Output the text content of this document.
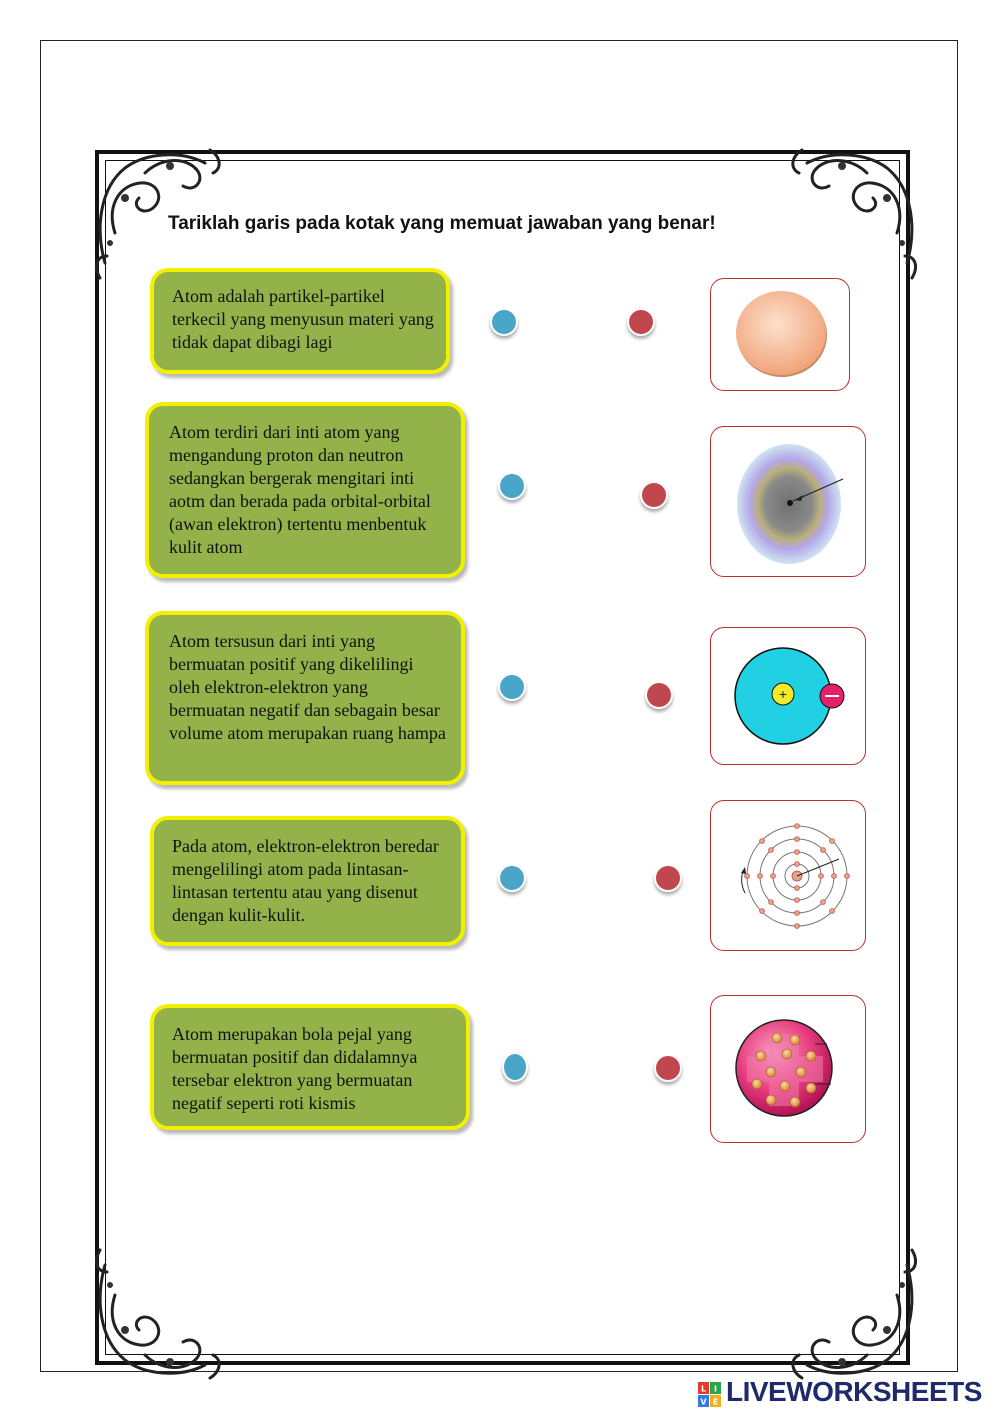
Tariklah garis pada kotak yang memuat jawaban yang benar!

Atom adalah partikel-partikel terkecil yang menyusun materi yang tidak dapat dibagi lagi

Atom terdiri dari inti atom yang mengandung proton dan neutron sedangkan bergerak mengitari inti aotm dan berada pada orbital-orbital (awan elektron) tertentu menbentuk kulit atom

Atom tersusun dari inti yang bermuatan positif yang dikelilingi oleh elektron-elektron yang bermuatan negatif dan sebagain besar volume atom merupakan ruang hampa

Pada atom, elektron-elektron beredar mengelilingi atom pada lintasan-lintasan tertentu atau yang disenut dengan kulit-kulit.

Atom merupakan bola pejal yang bermuatan positif dan didalamnya tersebar elektron yang bermuatan negatif seperti roti kismis

+
L I
V E LIVEWORKSHEETS
